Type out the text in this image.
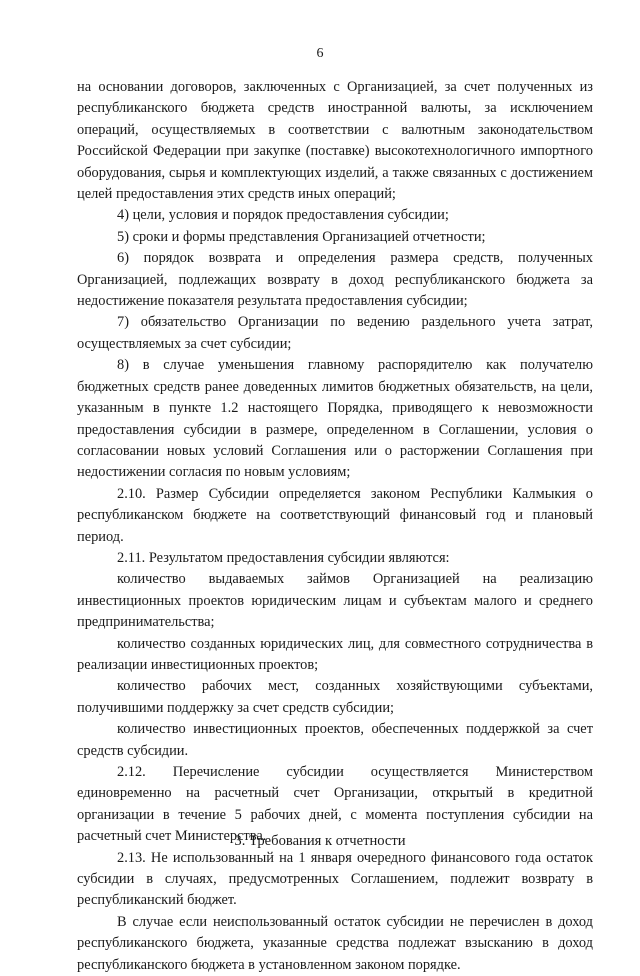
6

на основании договоров, заключенных с Организацией, за счет полученных из республиканского бюджета средств иностранной валюты, за исключением операций, осуществляемых в соответствии с валютным законодательством Российской Федерации при закупке (поставке) высокотехнологичного импортного оборудования, сырья и комплектующих изделий, а также связанных с достижением целей предоставления этих средств иных операций;

4) цели, условия и порядок предоставления субсидии;

5) сроки и формы представления Организацией отчетности;

6) порядок возврата и определения размера средств, полученных Организацией, подлежащих возврату в доход республиканского бюджета за недостижение показателя результата предоставления субсидии;

7) обязательство Организации по ведению раздельного учета затрат, осуществляемых за счет субсидии;

8) в случае уменьшения главному распорядителю как получателю бюджетных средств ранее доведенных лимитов бюджетных обязательств, на цели, указанным в пункте 1.2 настоящего Порядка, приводящего к невозможности предоставления субсидии в размере, определенном в Соглашении, условия о согласовании новых условий Соглашения или о расторжении Соглашения при недостижении согласия по новым условиям;

2.10. Размер Субсидии определяется законом Республики Калмыкия о республиканском бюджете на соответствующий финансовый год и плановый период.

2.11. Результатом предоставления субсидии являются:

количество выдаваемых займов Организацией на реализацию инвестиционных проектов юридическим лицам и субъектам малого и среднего предпринимательства;

количество созданных юридических лиц, для совместного сотрудничества в реализации инвестиционных проектов;

количество рабочих мест, созданных хозяйствующими субъектами, получившими поддержку за счет средств субсидии;

количество инвестиционных проектов, обеспеченных поддержкой за счет средств субсидии.

2.12. Перечисление субсидии осуществляется Министерством единовременно на расчетный счет Организации, открытый в кредитной организации в течение 5 рабочих дней, с момента поступления субсидии на расчетный счет Министерства.

2.13. Не использованный на 1 января очередного финансового года остаток субсидии в случаях, предусмотренных Соглашением, подлежит возврату в республиканский бюджет.

В случае если неиспользованный остаток субсидии не перечислен в доход республиканского бюджета, указанные средства подлежат взысканию в доход республиканского бюджета в установленном законом порядке.

3. Требования к отчетности
